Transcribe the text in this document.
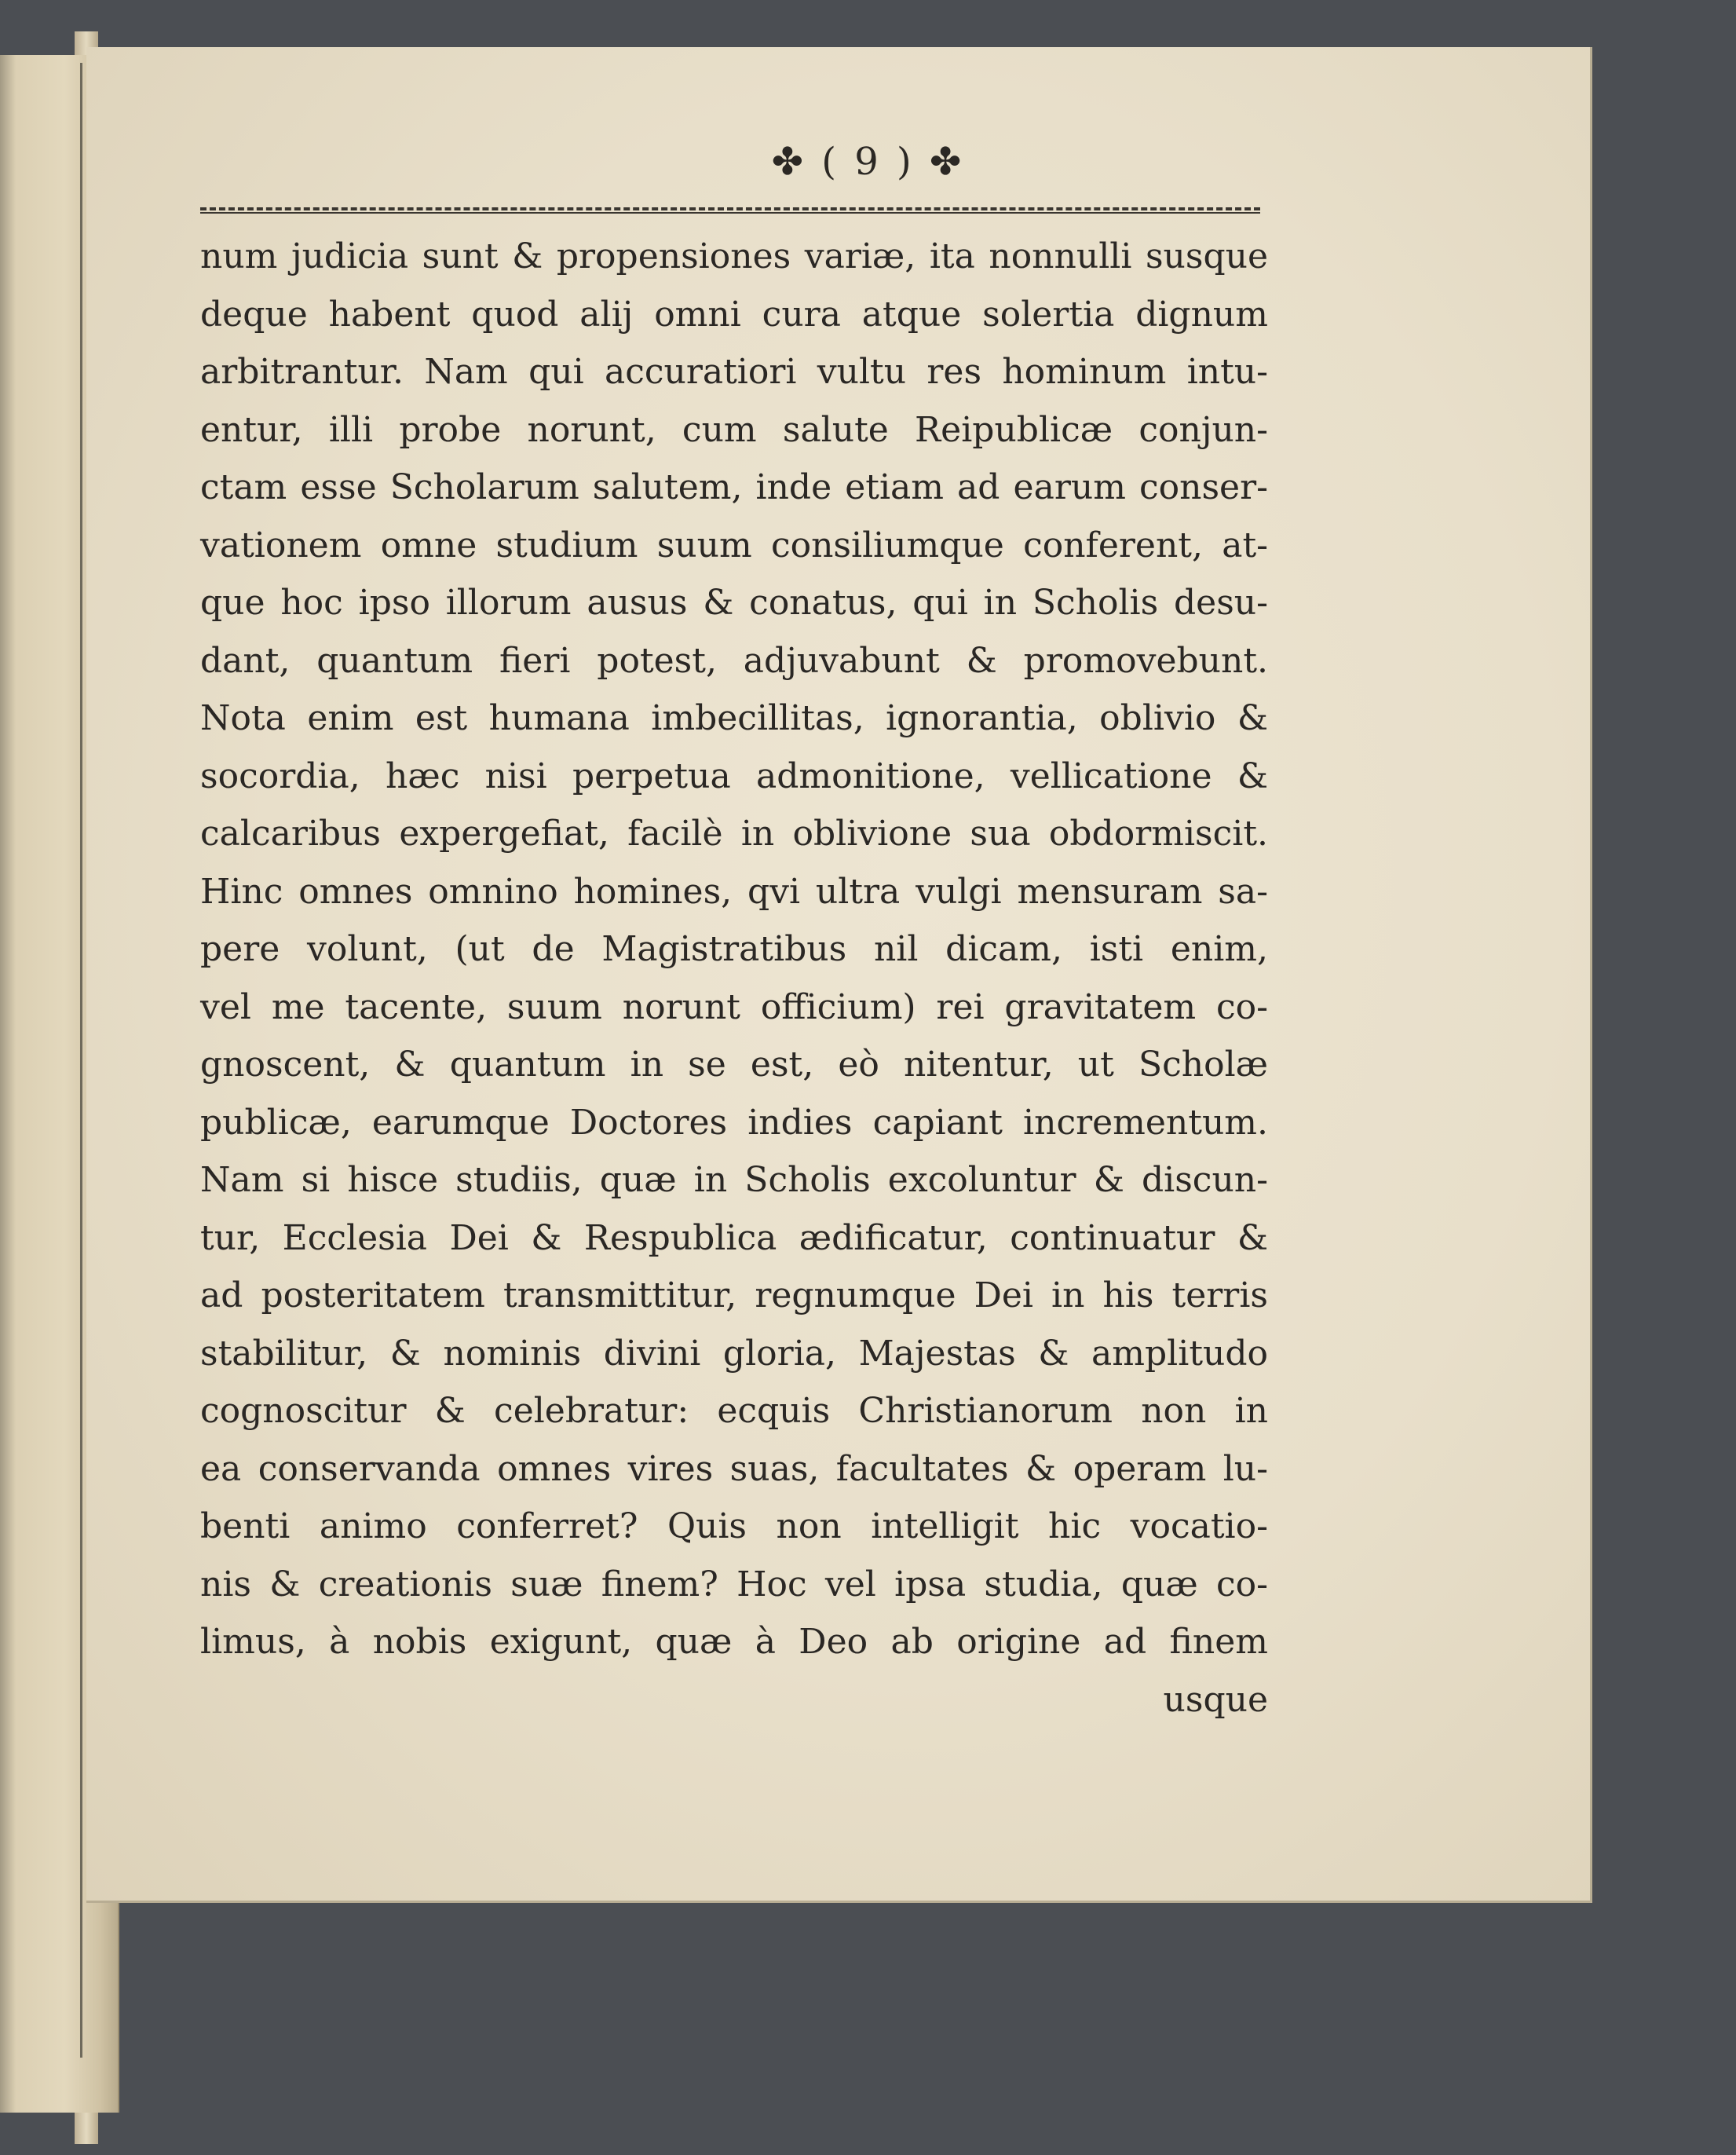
✤ ( 9 ) ✤
num judicia sunt & propensiones variæ, ita nonnulli susque
deque habent quod alij omni cura atque solertia dignum
arbitrantur. Nam qui accuratiori vultu res hominum intu-
entur, illi probe norunt, cum salute Reipublicæ conjun-
ctam esse Scholarum salutem, inde etiam ad earum conser-
vationem omne studium suum consiliumque conferent, at-
que hoc ipso illorum ausus & conatus, qui in Scholis desu-
dant, quantum fieri potest, adjuvabunt & promovebunt.
Nota enim est humana imbecillitas, ignorantia, oblivio &
socordia, hæc nisi perpetua admonitione, vellicatione &
calcaribus expergefiat, facilè in oblivione sua obdormiscit.
Hinc omnes omnino homines, qvi ultra vulgi mensuram sa-
pere volunt, (ut de Magistratibus nil dicam, isti enim,
vel me tacente, suum norunt officium) rei gravitatem co-
gnoscent, & quantum in se est, eò nitentur, ut Scholæ
publicæ, earumque Doctores indies capiant incrementum.
Nam si hisce studiis, quæ in Scholis excoluntur & discun-
tur, Ecclesia Dei & Respublica ædificatur, continuatur &
ad posteritatem transmittitur, regnumque Dei in his terris
stabilitur, & nominis divini gloria, Majestas & amplitudo
cognoscitur & celebratur: ecquis Christianorum non in
ea conservanda omnes vires suas, facultates & operam lu-
benti animo conferret? Quis non intelligit hic vocatio-
nis & creationis suæ finem? Hoc vel ipsa studia, quæ co-
limus, à nobis exigunt, quæ à Deo ab origine ad finem
usque
